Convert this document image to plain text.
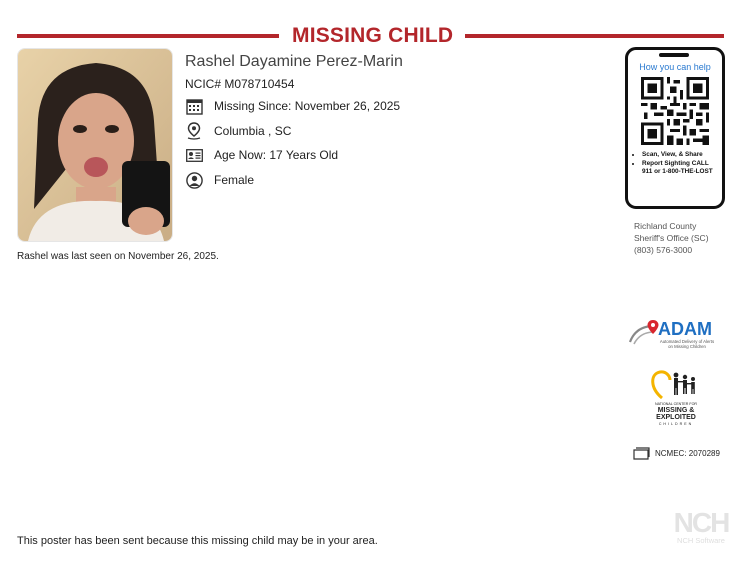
MISSING CHILD
Rashel Dayamine Perez-Marin
NCIC# M078710454
Missing Since: November 26, 2025
Columbia , SC
Age Now: 17 Years Old
Female
Rashel was last seen on November 26, 2025.
How you can help
• Scan, View, & Share
• Report Sighting CALL 911 or 1-800-THE-LOST
Richland County
Sheriff's Office (SC)
(803) 576-3000
ADAM
Automated Delivery of Alerts
on Missing Children
NATIONAL CENTER FOR
MISSING &
EXPLOITED
CHILDREN
NCMEC: 2070289
NCH
NCH Software
This poster has been sent because this missing child may be in your area.
